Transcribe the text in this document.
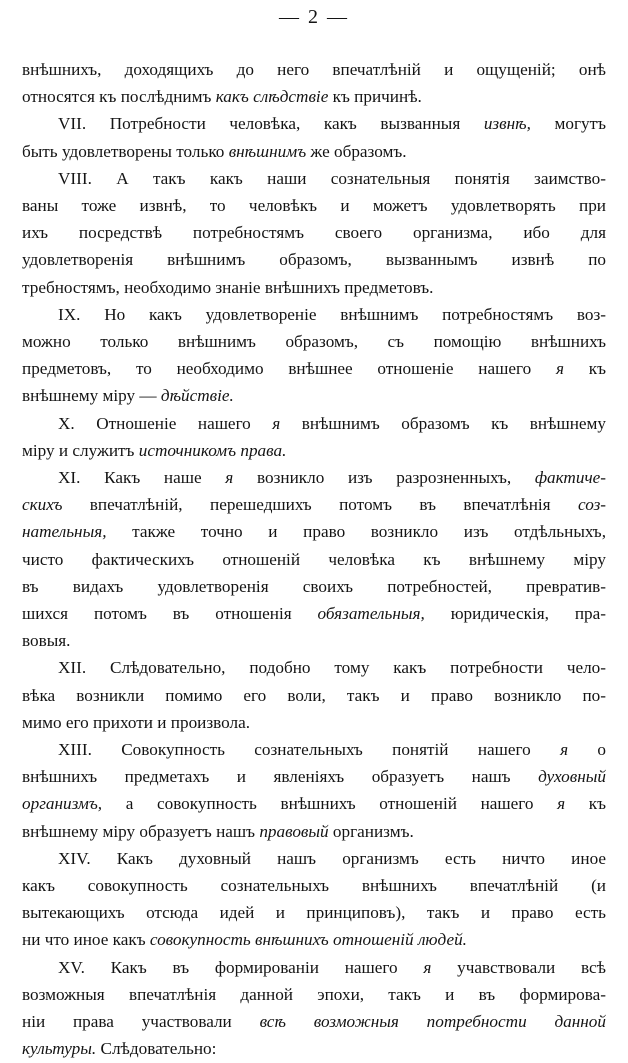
— 2 —
внѣшнихъ, доходящихъ до него впечатлѣній и ощущеній; онѣ
относятся къ послѣднимъ какъ слѣдствіе къ причинѣ.
VII. Потребности человѣка, какъ вызванныя извнѣ, могутъ
быть удовлетворены только внѣшнимъ же образомъ.
VIII. А такъ какъ наши сознательныя понятія заимство-
ваны тоже извнѣ, то человѣкъ и можетъ удовлетворять при
ихъ посредствѣ потребностямъ своего организма, ибо для
удовлетворенія внѣшнимъ образомъ, вызваннымъ извнѣ по
требностямъ, необходимо знаніе внѣшнихъ предметовъ.
IX. Но какъ удовлетвореніе внѣшнимъ потребностямъ воз-
можно только внѣшнимъ образомъ, съ помощію внѣшнихъ
предметовъ, то необходимо внѣшнее отношеніе нашего я къ
внѣшнему міру — дѣйствіе.
X. Отношеніе нашего я внѣшнимъ образомъ къ внѣшнему
міру и служитъ источникомъ права.
XI. Какъ наше я возникло изъ разрозненныхъ, фактиче-
скихъ впечатлѣній, перешедшихъ потомъ въ впечатлѣнія соз-
нательныя, также точно и право возникло изъ отдѣльныхъ,
чисто фактическихъ отношеній человѣка къ внѣшнему міру
въ видахъ удовлетворенія своихъ потребностей, превратив-
шихся потомъ въ отношенія обязательныя, юридическія, пра-
вовыя.
XII. Слѣдовательно, подобно тому какъ потребности чело-
вѣка возникли помимо его воли, такъ и право возникло по-
мимо его прихоти и произвола.
XIII. Совокупность сознательныхъ понятій нашего я о
внѣшнихъ предметахъ и явленіяхъ образуетъ нашъ духовный
организмъ, а совокупность внѣшнихъ отношеній нашего я къ
внѣшнему міру образуетъ нашъ правовый организмъ.
XIV. Какъ духовный нашъ организмъ есть ничто иное
какъ совокупность сознательныхъ внѣшнихъ впечатлѣній (и
вытекающихъ отсюда идей и принциповъ), такъ и право есть
ни что иное какъ совокупность внѣшнихъ отношеній людей.
XV. Какъ въ формированіи нашего я учавствовали всѣ
возможныя впечатлѣнія данной эпохи, такъ и въ формирова-
ніи права участвовали всѣ возможныя потребности данной
культуры. Слѣдовательно:
